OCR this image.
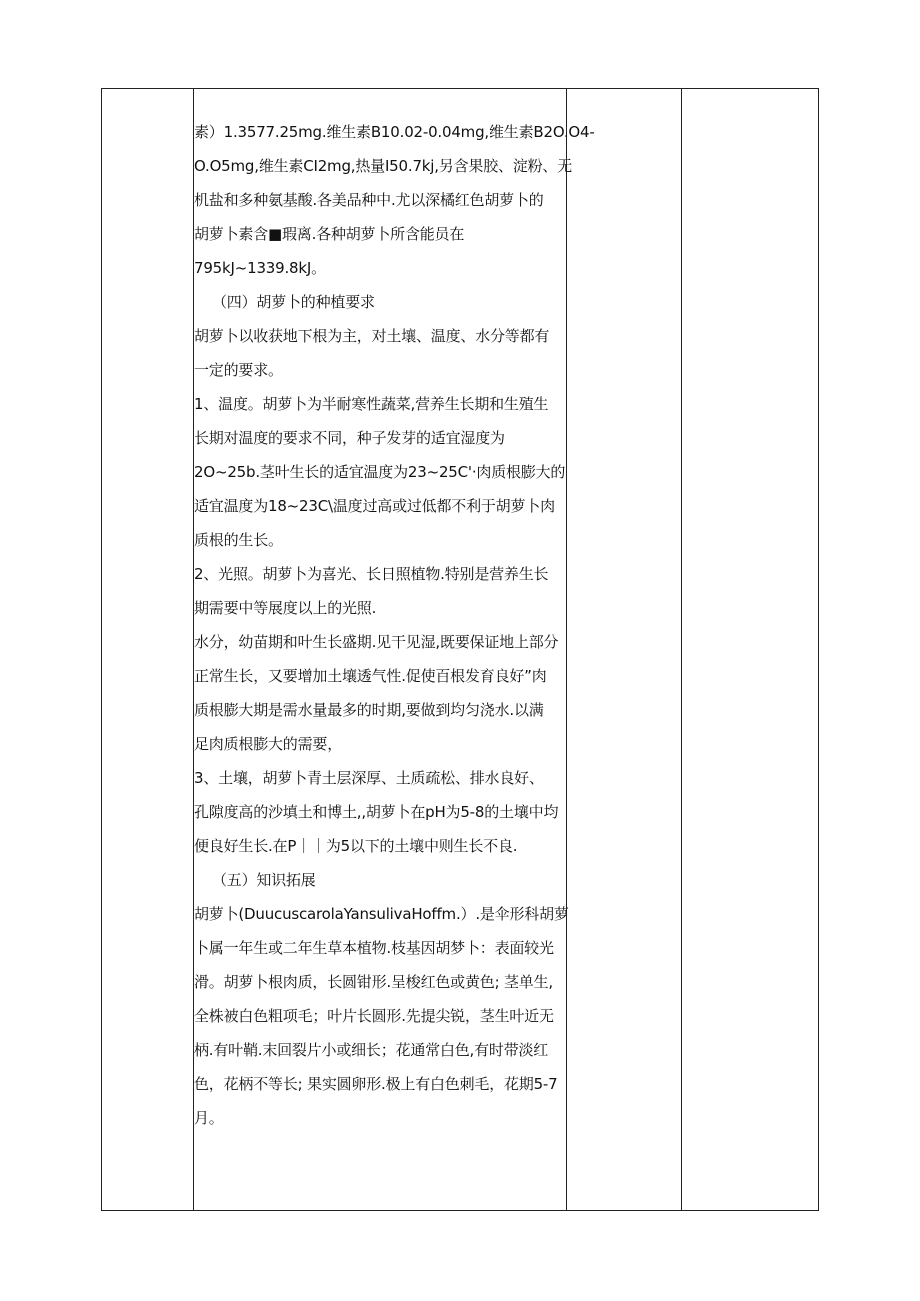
素）1.3577.25mg.维生素B10.02-0.04mg,维生素B2O.O4-

O.O5mg,维生素CI2mg,热量I50.7kj,另含果胶、淀粉、无

机盐和多种氨基酸.各美品种中.尤以深橘红色胡萝卜的

胡萝卜素含■瑕离.各种胡萝卜所含能员在

795kJ~1339.8kJ。

（四）胡萝卜的种植要求

胡萝卜以收获地下根为主，对土壤、温度、水分等都有

一定的要求。

1、温度。胡萝卜为半耐寒性蔬菜,营养生长期和生殖生

长期对温度的要求不同，种子发芽的适宜湿度为

2O~25b.茎叶生长的适宜温度为23~25C'·肉质根膨大的

适宜温度为18~23C\温度过高或过低都不利于胡萝卜肉

质根的生长。

2、光照。胡萝卜为喜光、长日照植物.特别是营养生长

期需要中等展度以上的光照.

水分，幼苗期和叶生长盛期.见干见湿,既要保证地上部分

正常生长，又要增加土壤透气性.促使百根发育良好”肉

质根膨大期是需水量最多的时期,要做到均匀浇水.以满

足肉质根膨大的需要，

3、土壤，胡萝卜青土层深厚、土质疏松、排水良好、

孔隙度高的沙填土和博土,,胡萝卜在pH为5-8的土壤中均

便良好生长.在P｜｜为5以下的土壤中则生长不良.

（五）知识拓展

胡萝卜(DuucuscarolaYansulivaHoffm.）.是伞形科胡萝

卜属一年生或二年生草本植物.枝基因胡梦卜：表面较光

滑。胡萝卜根肉质，长圆钳形.呈梭红色或黄色; 茎单生,

全株被白色粗项毛；叶片长圆形.先提尖锐，茎生叶近无

柄.有叶鞘.末回裂片小或细长；花通常白色,有时带淡红

色，花柄不等长; 果实圆卵形.极上有白色刺毛，花期5-7

月。
